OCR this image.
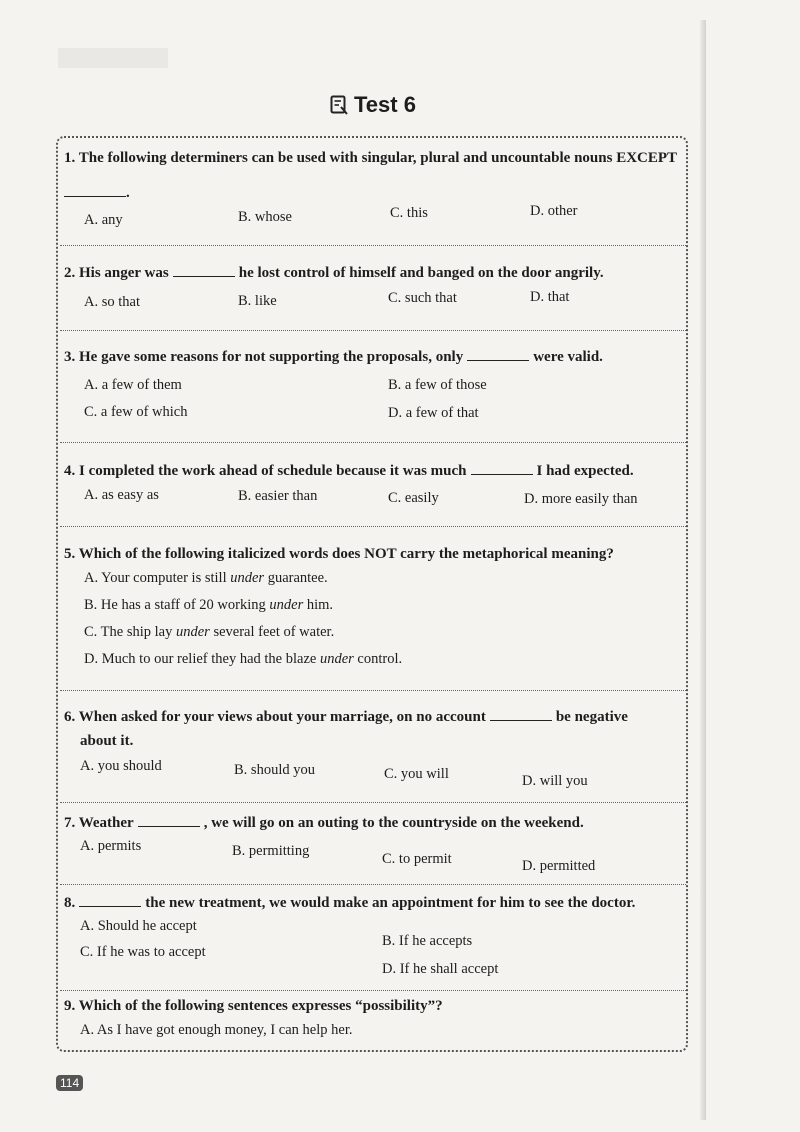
Test 6
1. The following determiners can be used with singular, plural and uncountable nouns EXCEPT
.
A. any	B. whose	C. this	D. other
2. His anger was	he lost control of himself and banged on the door angrily.
A. so that	B. like	C. such that	D. that
3. He gave some reasons for not supporting the proposals, only	were valid.
A. a few of them	B. a few of those
C. a few of which	D. a few of that
4. I completed the work ahead of schedule because it was much	I had expected.
A. as easy as	B. easier than	C. easily	D. more easily than
5. Which of the following italicized words does NOT carry the metaphorical meaning?
A. Your computer is still under guarantee.
B. He has a staff of 20 working under him.
C. The ship lay under several feet of water.
D. Much to our relief they had the blaze under control.
6. When asked for your views about your marriage, on no account	be negative
about it.
A. you should	B. should you	C. you will	D. will you
7. Weather	, we will go on an outing to the countryside on the weekend.
A. permits	B. permitting	C. to permit	D. permitted
8.	the new treatment, we would make an appointment for him to see the doctor.
A. Should he accept
B. If he accepts
C. If he was to accept
D. If he shall accept
9. Which of the following sentences expresses “possibility”?
A. As I have got enough money, I can help her.
114
